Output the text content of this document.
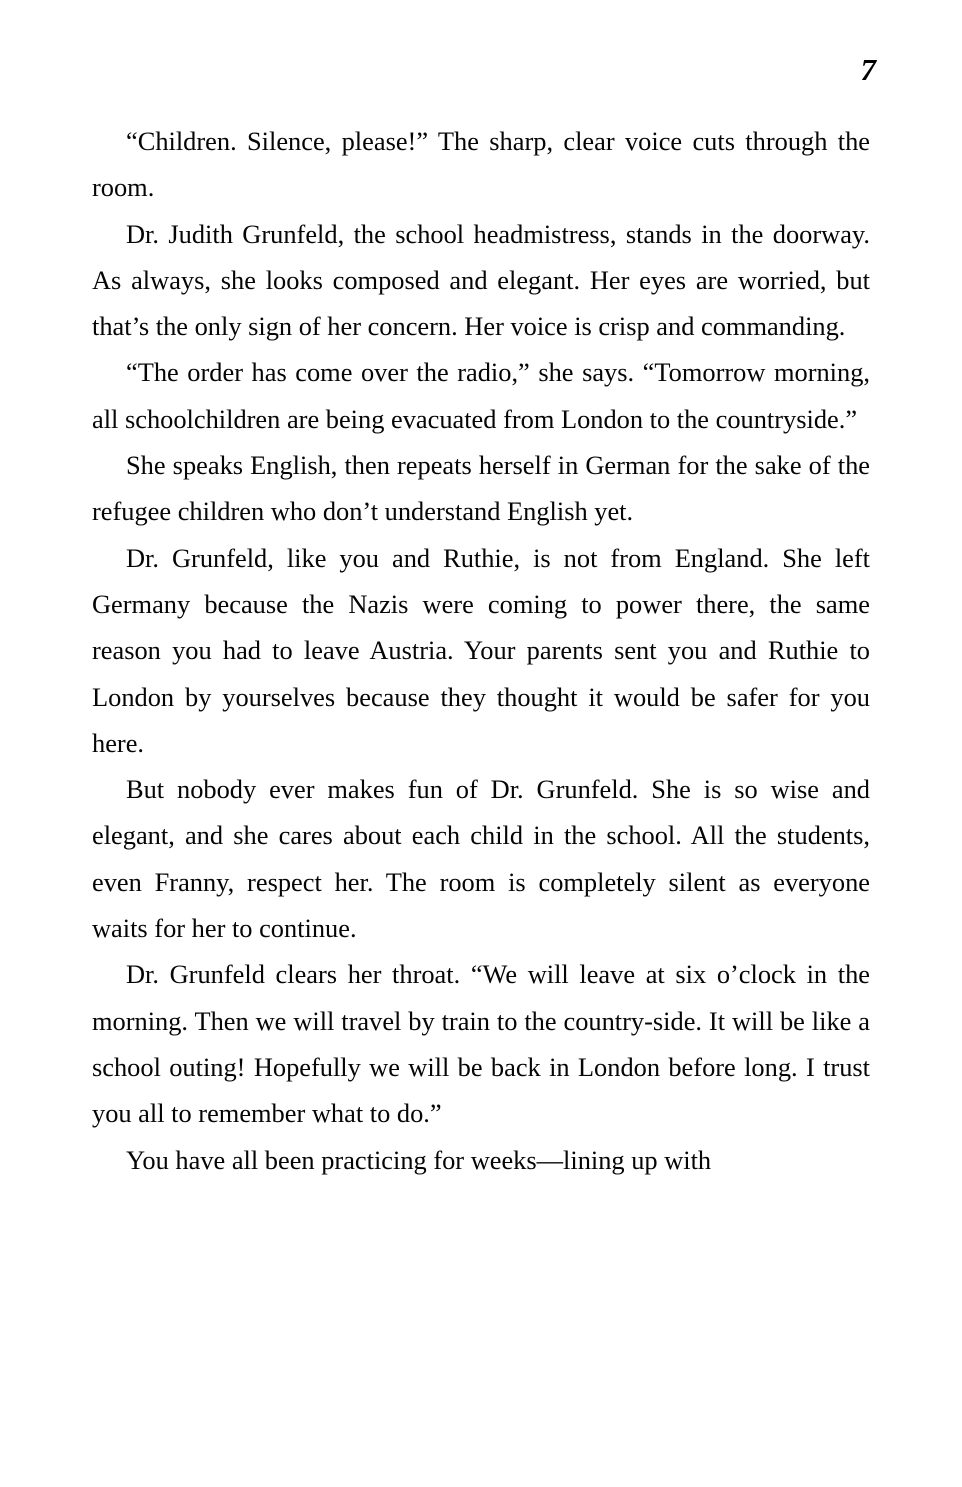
7

“Children. Silence, please!” The sharp, clear voice cuts through the room.

Dr. Judith Grunfeld, the school headmistress, stands in the doorway. As always, she looks composed and elegant. Her eyes are worried, but that’s the only sign of her concern. Her voice is crisp and commanding.

“The order has come over the radio,” she says. “Tomorrow morning, all schoolchildren are being evacuated from London to the countryside.”

She speaks English, then repeats herself in German for the sake of the refugee children who don’t understand English yet.

Dr. Grunfeld, like you and Ruthie, is not from England. She left Germany because the Nazis were coming to power there, the same reason you had to leave Austria. Your parents sent you and Ruthie to London by yourselves because they thought it would be safer for you here.

But nobody ever makes fun of Dr. Grunfeld. She is so wise and elegant, and she cares about each child in the school. All the students, even Franny, respect her. The room is completely silent as everyone waits for her to continue.

Dr. Grunfeld clears her throat. “We will leave at six o’clock in the morning. Then we will travel by train to the country-side. It will be like a school outing! Hopefully we will be back in London before long. I trust you all to remember what to do.”

You have all been practicing for weeks—lining up with
